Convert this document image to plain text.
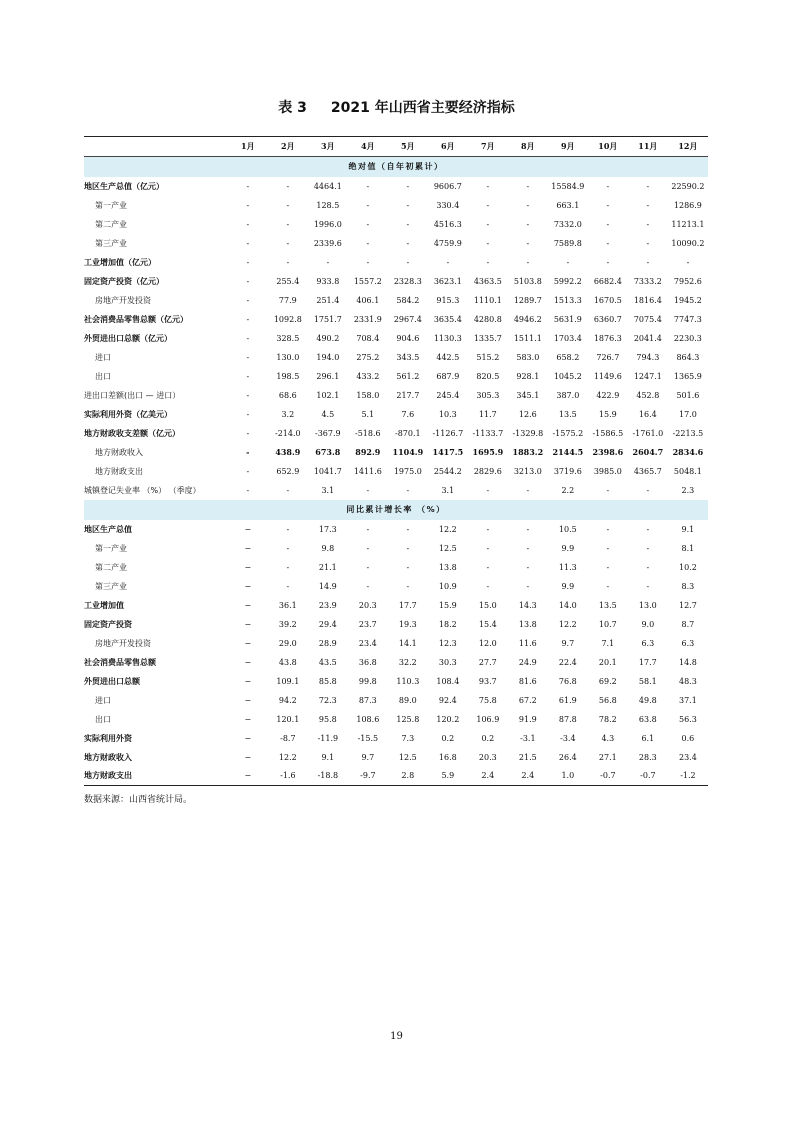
表 3 2021 年山西省主要经济指标
	1月	2月	3月	4月	5月	6月	7月	8月	9月	10月	11月	12月
绝对值（自年初累计）												
地区生产总值（亿元）	-	-	4464.1	-	-	9606.7	-	-	15584.9	-	-	22590.2
第一产业	-	-	128.5	-	-	330.4	-	-	663.1	-	-	1286.9
第二产业	-	-	1996.0	-	-	4516.3	-	-	7332.0	-	-	11213.1
第三产业	-	-	2339.6	-	-	4759.9	-	-	7589.8	-	-	10090.2
工业增加值（亿元）	-	-	-	-	-	-	-	-	-	-	-	-
固定资产投资（亿元）	-	255.4	933.8	1557.2	2328.3	3623.1	4363.5	5103.8	5992.2	6682.4	7333.2	7952.6
房地产开发投资	-	77.9	251.4	406.1	584.2	915.3	1110.1	1289.7	1513.3	1670.5	1816.4	1945.2
社会消费品零售总额（亿元）	-	1092.8	1751.7	2331.9	2967.4	3635.4	4280.8	4946.2	5631.9	6360.7	7075.4	7747.3
外贸进出口总额（亿元）	-	328.5	490.2	708.4	904.6	1130.3	1335.7	1511.1	1703.4	1876.3	2041.4	2230.3
进口	-	130.0	194.0	275.2	343.5	442.5	515.2	583.0	658.2	726.7	794.3	864.3
出口	-	198.5	296.1	433.2	561.2	687.9	820.5	928.1	1045.2	1149.6	1247.1	1365.9
进出口差额(出口 — 进口）	-	68.6	102.1	158.0	217.7	245.4	305.3	345.1	387.0	422.9	452.8	501.6
实际利用外资（亿美元）	-	3.2	4.5	5.1	7.6	10.3	11.7	12.6	13.5	15.9	16.4	17.0
地方财政收支差额（亿元）	-	-214.0	-367.9	-518.6	-870.1	-1126.7	-1133.7	-1329.8	-1575.2	-1586.5	-1761.0	-2213.5
地方财政收入	-	438.9	673.8	892.9	1104.9	1417.5	1695.9	1883.2	2144.5	2398.6	2604.7	2834.6
地方财政支出	-	652.9	1041.7	1411.6	1975.0	2544.2	2829.6	3213.0	3719.6	3985.0	4365.7	5048.1
城镇登记失业率 （%） （季度）	-	-	3.1	-	-	3.1	-	-	2.2	-	-	2.3
同比累计增长率 （%）												
地区生产总值	−	-	17.3	-	-	12.2	-	-	10.5	-	-	9.1
第一产业	−	-	9.8	-	-	12.5	-	-	9.9	-	-	8.1
第二产业	−	-	21.1	-	-	13.8	-	-	11.3	-	-	10.2
第三产业	−	-	14.9	-	-	10.9	-	-	9.9	-	-	8.3
工业增加值	−	36.1	23.9	20.3	17.7	15.9	15.0	14.3	14.0	13.5	13.0	12.7
固定资产投资	−	39.2	29.4	23.7	19.3	18.2	15.4	13.8	12.2	10.7	9.0	8.7
房地产开发投资	−	29.0	28.9	23.4	14.1	12.3	12.0	11.6	9.7	7.1	6.3	6.3
社会消费品零售总额	−	43.8	43.5	36.8	32.2	30.3	27.7	24.9	22.4	20.1	17.7	14.8
外贸进出口总额	−	109.1	85.8	99.8	110.3	108.4	93.7	81.6	76.8	69.2	58.1	48.3
进口	−	94.2	72.3	87.3	89.0	92.4	75.8	67.2	61.9	56.8	49.8	37.1
出口	−	120.1	95.8	108.6	125.8	120.2	106.9	91.9	87.8	78.2	63.8	56.3
实际利用外资	−	-8.7	-11.9	-15.5	7.3	0.2	0.2	-3.1	-3.4	4.3	6.1	0.6
地方财政收入	−	12.2	9.1	9.7	12.5	16.8	20.3	21.5	26.4	27.1	28.3	23.4
地方财政支出	−	-1.6	-18.8	-9.7	2.8	5.9	2.4	2.4	1.0	-0.7	-0.7	-1.2
数据来源：山西省统计局。
19
